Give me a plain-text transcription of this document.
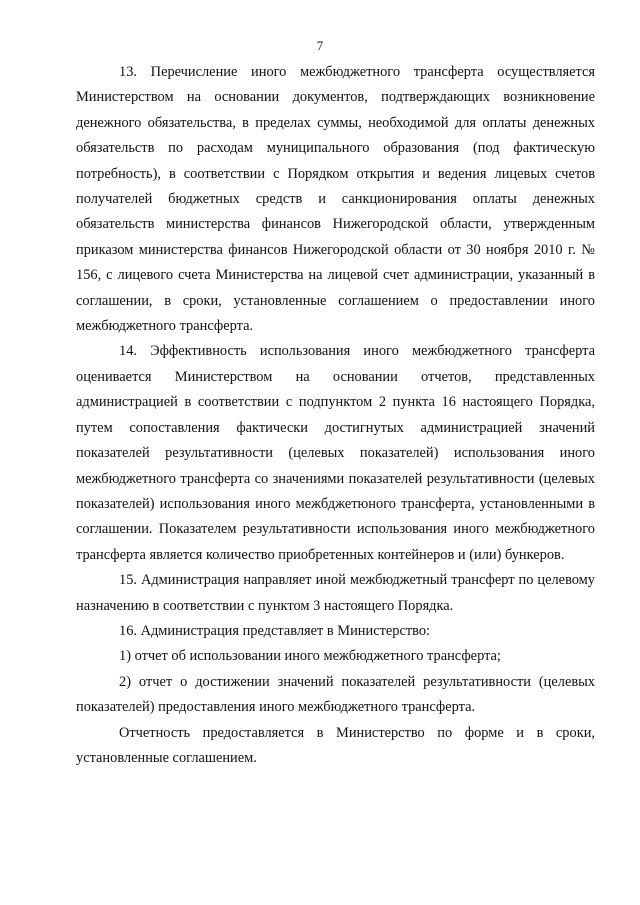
7

13. Перечисление иного межбюджетного трансферта осуществляется Министерством на основании документов, подтверждающих возникновение денежного обязательства, в пределах суммы, необходимой для оплаты денежных обязательств по расходам муниципального образования (под фактическую потребность), в соответствии с Порядком открытия и ведения лицевых счетов получателей бюджетных средств и санкционирования оплаты денежных обязательств министерства финансов Нижегородской области, утвержденным приказом министерства финансов Нижегородской области от 30 ноября 2010 г. № 156, с лицевого счета Министерства на лицевой счет администрации, указанный в соглашении, в сроки, установленные соглашением о предоставлении иного межбюджетного трансферта.

14. Эффективность использования иного межбюджетного трансферта оценивается Министерством на основании отчетов, представленных администрацией в соответствии с подпунктом 2 пункта 16 настоящего Порядка, путем сопоставления фактически достигнутых администрацией значений показателей результативности (целевых показателей) использования иного межбюджетного трансферта со значениями показателей результативности (целевых показателей) использования иного межбджетюного трансферта, установленными в соглашении. Показателем результативности использования иного межбюджетного трансферта является количество приобретенных контейнеров и (или) бункеров.

15. Администрация направляет иной межбюджетный трансферт по целевому назначению в соответствии с пунктом 3 настоящего Порядка.

16. Администрация представляет в Министерство:

1) отчет об использовании иного межбюджетного трансферта;

2) отчет о достижении значений показателей результативности (целевых показателей) предоставления иного межбюджетного трансферта.

Отчетность предоставляется в Министерство по форме и в сроки, установленные соглашением.
